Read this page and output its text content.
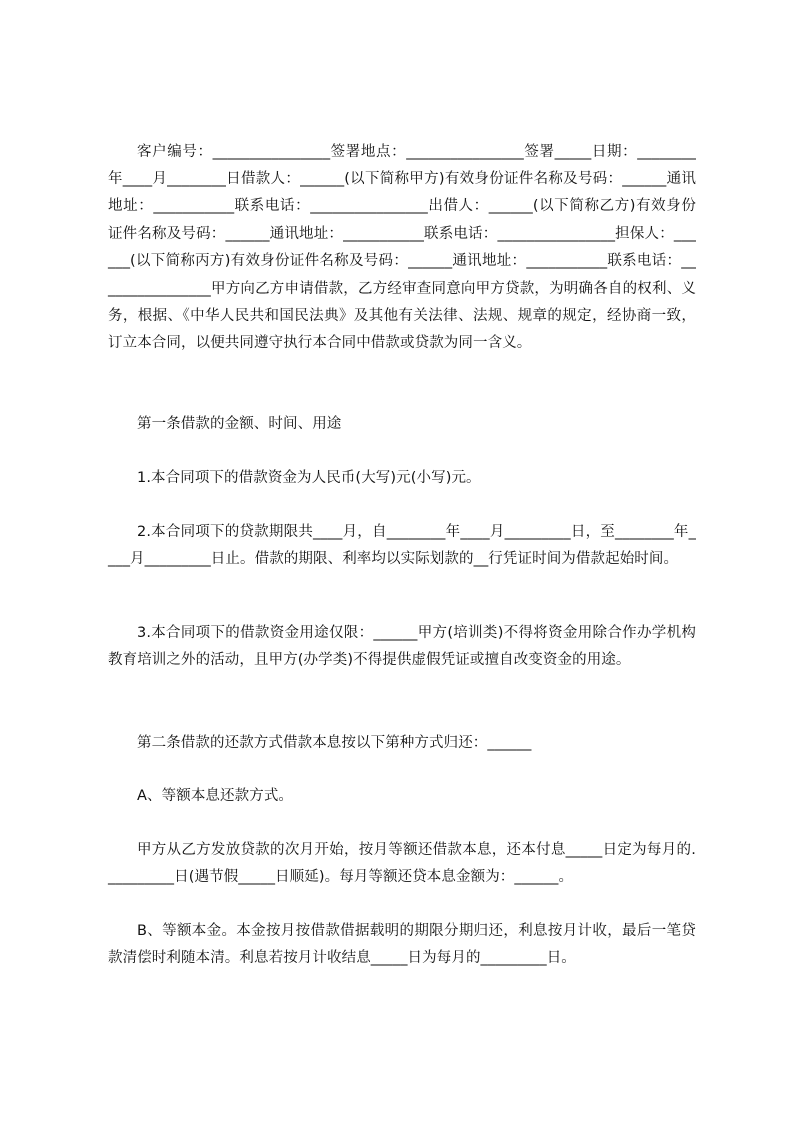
客户编号：________________签署地点：________________签署_____日期：________年____月________日借款人：______(以下简称甲方)有效身份证件名称及号码：______通讯地址：___________联系电话：________________出借人：______(以下简称乙方)有效身份证件名称及号码：______通讯地址：___________联系电话：________________担保人：______(以下简称丙方)有效身份证件名称及号码：______通讯地址：___________联系电话：________________甲方向乙方申请借款，乙方经审查同意向甲方贷款，为明确各自的权利、义务，根据、《中华人民共和国民法典》及其他有关法律、法规、规章的规定，经协商一致，订立本合同，以便共同遵守执行本合同中借款或贷款为同一含义。

第一条借款的金额、时间、用途

1.本合同项下的借款资金为人民币(大写)元(小写)元。

2.本合同项下的贷款期限共____月，自________年____月_________日，至________年____月_________日止。借款的期限、利率均以实际划款的__行凭证时间为借款起始时间。

3.本合同项下的借款资金用途仅限：______甲方(培训类)不得将资金用除合作办学机构教育培训之外的活动，且甲方(办学类)不得提供虚假凭证或擅自改变资金的用途。

第二条借款的还款方式借款本息按以下第种方式归还：______

A、等额本息还款方式。

甲方从乙方发放贷款的次月开始，按月等额还借款本息，还本付息_____日定为每月的._________日(遇节假_____日顺延)。每月等额还贷本息金额为：______。

B、等额本金。本金按月按借款借据载明的期限分期归还，利息按月计收，最后一笔贷款清偿时利随本清。利息若按月计收结息_____日为每月的_________日。
